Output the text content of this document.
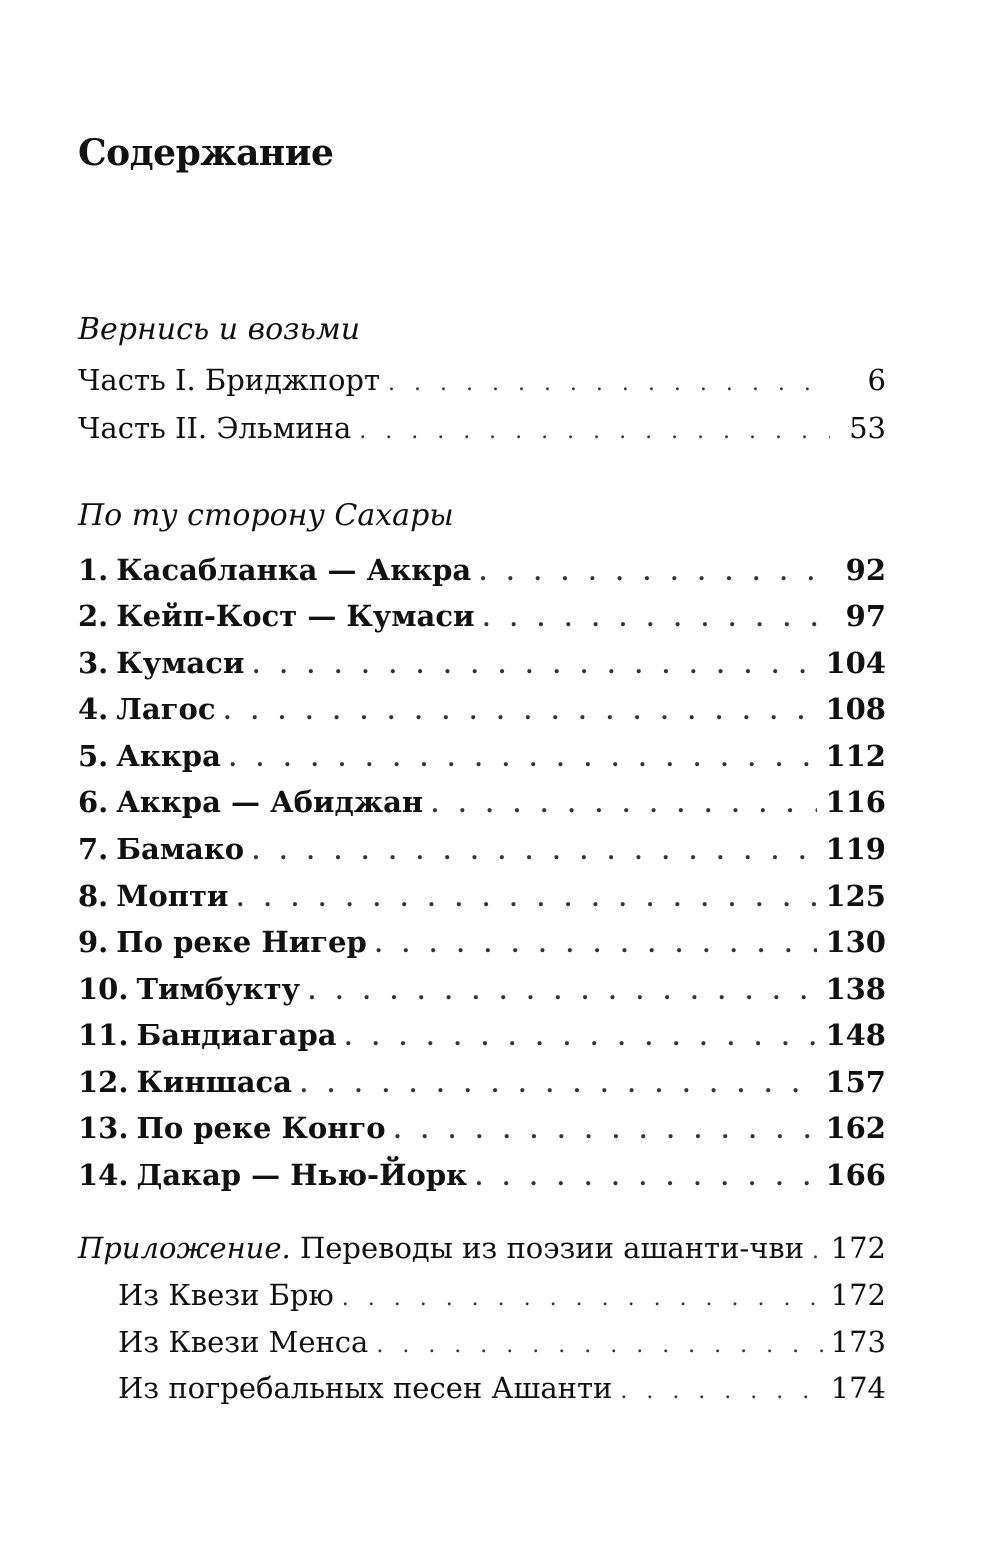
Содержание
Вернись и возьми
Часть I. Бриджпорт . . .	6
Часть II. Эльмина . . .	53
По ту сторону Сахары
1. Касабланка — Аккра . . .	92
2. Кейп-Кост — Кумаси . . .	97
3. Кумаси . . .	104
4. Лагос . . .	108
5. Аккра . . .	112
6. Аккра — Абиджан . . .	116
7. Бамако . . .	119
8. Мопти . . .	125
9. По реке Нигер . . .	130
10. Тимбукту . . .	138
11. Бандиагара . . .	148
12. Киншаса . . .	157
13. По реке Конго . . .	162
14. Дакар — Нью-Йорк . . .	166
Приложение. Переводы из поэзии ашанти-чви . . . 172
Из Квези Брю . . .	172
Из Квези Менса . . .	173
Из погребальных песен Ашанти . . .	174
